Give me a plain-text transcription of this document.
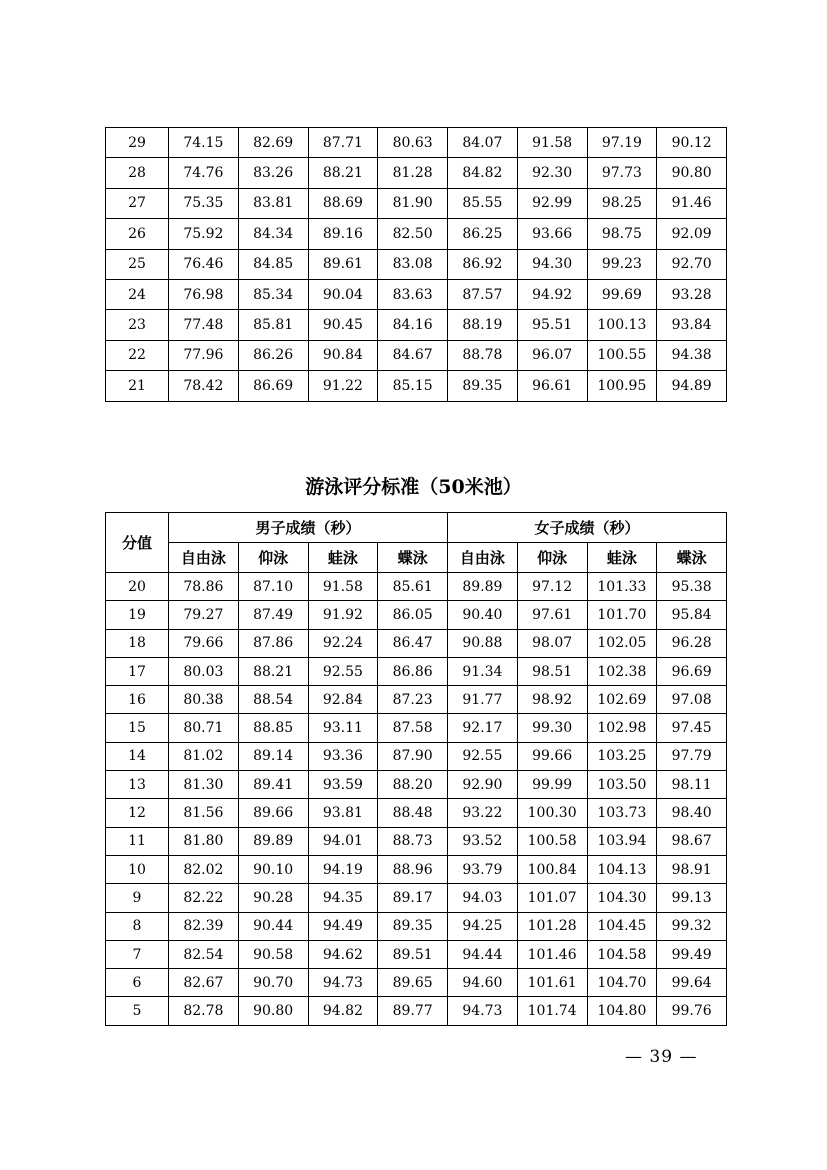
29	74.15	82.69	87.71	80.63	84.07	91.58	97.19	90.12
28	74.76	83.26	88.21	81.28	84.82	92.30	97.73	90.80
27	75.35	83.81	88.69	81.90	85.55	92.99	98.25	91.46
26	75.92	84.34	89.16	82.50	86.25	93.66	98.75	92.09
25	76.46	84.85	89.61	83.08	86.92	94.30	99.23	92.70
24	76.98	85.34	90.04	83.63	87.57	94.92	99.69	93.28
23	77.48	85.81	90.45	84.16	88.19	95.51	100.13	93.84
22	77.96	86.26	90.84	84.67	88.78	96.07	100.55	94.38
21	78.42	86.69	91.22	85.15	89.35	96.61	100.95	94.89
游泳评分标准（50米池）
分值	男子成绩（秒）				女子成绩（秒）			
	自由泳	仰泳	蛙泳	蝶泳	自由泳	仰泳	蛙泳	蝶泳
20	78.86	87.10	91.58	85.61	89.89	97.12	101.33	95.38
19	79.27	87.49	91.92	86.05	90.40	97.61	101.70	95.84
18	79.66	87.86	92.24	86.47	90.88	98.07	102.05	96.28
17	80.03	88.21	92.55	86.86	91.34	98.51	102.38	96.69
16	80.38	88.54	92.84	87.23	91.77	98.92	102.69	97.08
15	80.71	88.85	93.11	87.58	92.17	99.30	102.98	97.45
14	81.02	89.14	93.36	87.90	92.55	99.66	103.25	97.79
13	81.30	89.41	93.59	88.20	92.90	99.99	103.50	98.11
12	81.56	89.66	93.81	88.48	93.22	100.30	103.73	98.40
11	81.80	89.89	94.01	88.73	93.52	100.58	103.94	98.67
10	82.02	90.10	94.19	88.96	93.79	100.84	104.13	98.91
9	82.22	90.28	94.35	89.17	94.03	101.07	104.30	99.13
8	82.39	90.44	94.49	89.35	94.25	101.28	104.45	99.32
7	82.54	90.58	94.62	89.51	94.44	101.46	104.58	99.49
6	82.67	90.70	94.73	89.65	94.60	101.61	104.70	99.64
5	82.78	90.80	94.82	89.77	94.73	101.74	104.80	99.76
— 39 —
